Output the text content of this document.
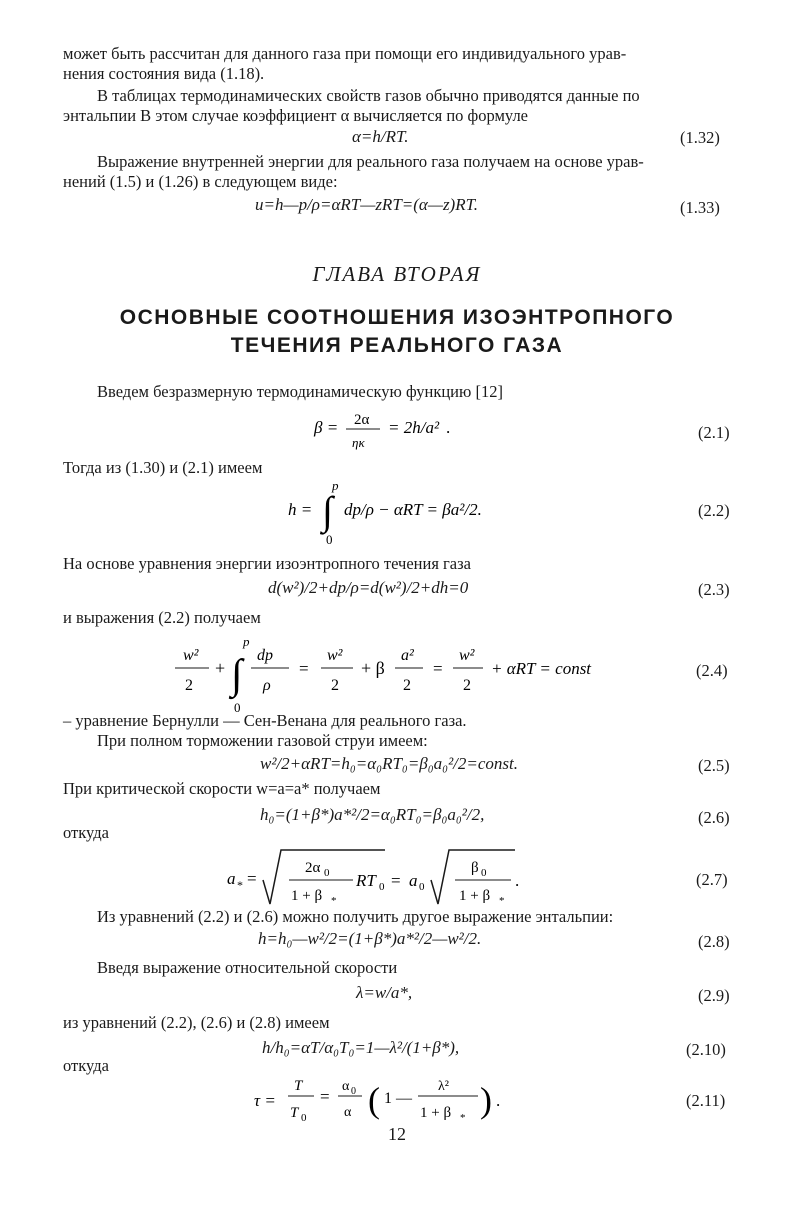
может быть рассчитан для данного газа при помощи его индивидуального урав-
нения состояния вида (1.18).
В таблицах термодинамических свойств газов обычно приводятся данные по
энтальпии В этом случае коэффициент α вычисляется по формуле
α=h/RT.	(1.32)
Выражение внутренней энергии для реального газа получаем на основе урав-
нений (1.5) и (1.26) в следующем виде:
u=h—p/ρ=αRT—zRT=(α—z)RT.	(1.33)
ГЛАВА ВТОРАЯ
ОСНОВНЫЕ СООТНОШЕНИЯ ИЗОЭНТРОПНОГО
ТЕЧЕНИЯ РЕАЛЬНОГО ГАЗА
Введем безразмерную термодинамическую функцию [12]
β = 2α
ηκ
= 2h/a² .	(2.1)
Тогда из (1.30) и (2.1) имеем
h = ∫
p
0
dp/ρ − αRT = βa²/2.	(2.2)
На основе уравнения энергии изоэнтропного течения газа
d(w²)/2+dp/ρ=d(w²)/2+dh=0	(2.3)
и выражения (2.2) получаем
w²
2
+ ∫
p
0
dp
ρ
=
w²
2
+ β
a²
2
=
w²
2
+ αRT = const	(2.4)
‒ уравнение Бернулли — Сен-Венана для реального газа.
При полном торможении газовой струи имеем:
w²/2+αRT=h₀=α₀RT₀=β₀a₀²/2=const.	(2.5)
При критической скорости w=a=a* получаем
h₀=(1+β*)a*²/2=α₀RT₀=β₀a₀²/2,	(2.6)
откуда
a * =
2α 0
1 + β *
RT 0 = a 0
β 0
1 + β *
.	(2.7)
Из уравнений (2.2) и (2.6) можно получить другое выражение энтальпии:
h=h₀—w²/2=(1+β*)a*²/2—w²/2.	(2.8)
Введя выражение относительной скорости
λ=w/a*,	(2.9)
из уравнений (2.2), (2.6) и (2.8) имеем
h/h₀=αT/α₀T₀=1—λ²/(1+β*),	(2.10)
откуда
τ =
T
T 0
=
α 0
α ( 1 —
λ²
1 + β * ) .	(2.11)
12
